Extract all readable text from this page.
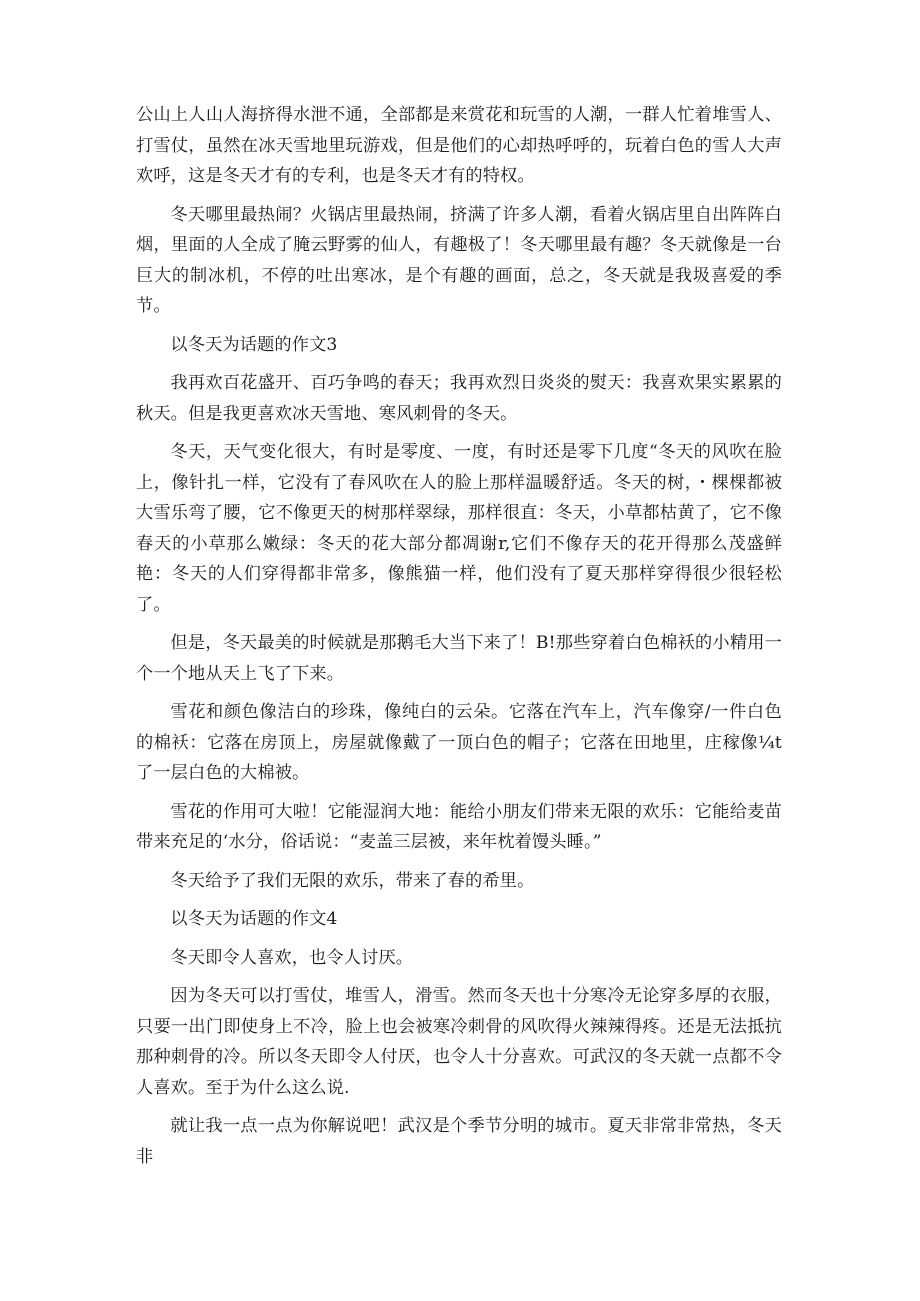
公山上人山人海挤得水泄不通，全部都是来赏花和玩雪的人潮，一群人忙着堆雪人、打雪仗，虽然在冰天雪地里玩游戏，但是他们的心却热呼呼的，玩着白色的雪人大声欢呼，这是冬天才有的专利，也是冬天才有的特权。

冬天哪里最热闹？火锅店里最热闹，挤满了许多人潮，看着火锅店里自出阵阵白烟，里面的人全成了腌云野雾的仙人，有趣极了！冬天哪里最有趣？冬天就像是一台巨大的制冰机，不停的吐出寒冰，是个有趣的画面，总之，冬天就是我圾喜爱的季节。

以冬天为话题的作文3

我再欢百花盛开、百巧争鸣的春天；我再欢烈日炎炎的熨天：我喜欢果实累累的秋天。但是我更喜欢冰天雪地、寒风刺骨的冬天。

冬天，天气变化很大，有时是零度、一度，有时还是零下几度“冬天的风吹在脸上，像针扎一样，它没有了春风吹在人的脸上那样温暖舒适。冬天的树，・棵棵都被大雪乐弯了腰，它不像更天的树那样翠绿，那样很直：冬天，小草都枯黄了，它不像春天的小草那么嫩绿：冬天的花大部分都凋谢r,它们不像存天的花开得那么茂盛鲜艳：冬天的人们穿得都非常多，像熊猫一样，他们没有了夏天那样穿得很少很轻松了。

但是，冬天最美的时候就是那鹅毛大当下来了！B!那些穿着白色棉袄的小精用一个一个地从天上飞了下来。

雪花和颜色像洁白的珍珠，像纯白的云朵。它落在汽车上，汽车像穿/一件白色的棉袄：它落在房顶上，房屋就像戴了一顶白色的帽子；它落在田地里，庄稼像¼t了一层白色的大棉被。

雪花的作用可大啦！它能湿润大地：能给小朋友们带来无限的欢乐：它能给麦苗带来充足的‘水分，俗话说：“麦盖三层被，来年枕着馒头睡。”

冬天给予了我们无限的欢乐，带来了春的希里。

以冬天为话题的作文4

冬天即令人喜欢，也令人讨厌。

因为冬天可以打雪仗，堆雪人，滑雪。然而冬天也十分寒冷无论穿多厚的衣服，只要一出门即使身上不冷，脸上也会被寒冷刺骨的风吹得火辣辣得疼。还是无法抵抗那种刺骨的冷。所以冬天即令人付厌，也令人十分喜欢。可武汉的冬天就一点都不令人喜欢。至于为什么这么说.

就让我一点一点为你解说吧！武汉是个季节分明的城市。夏天非常非常热，冬天非
